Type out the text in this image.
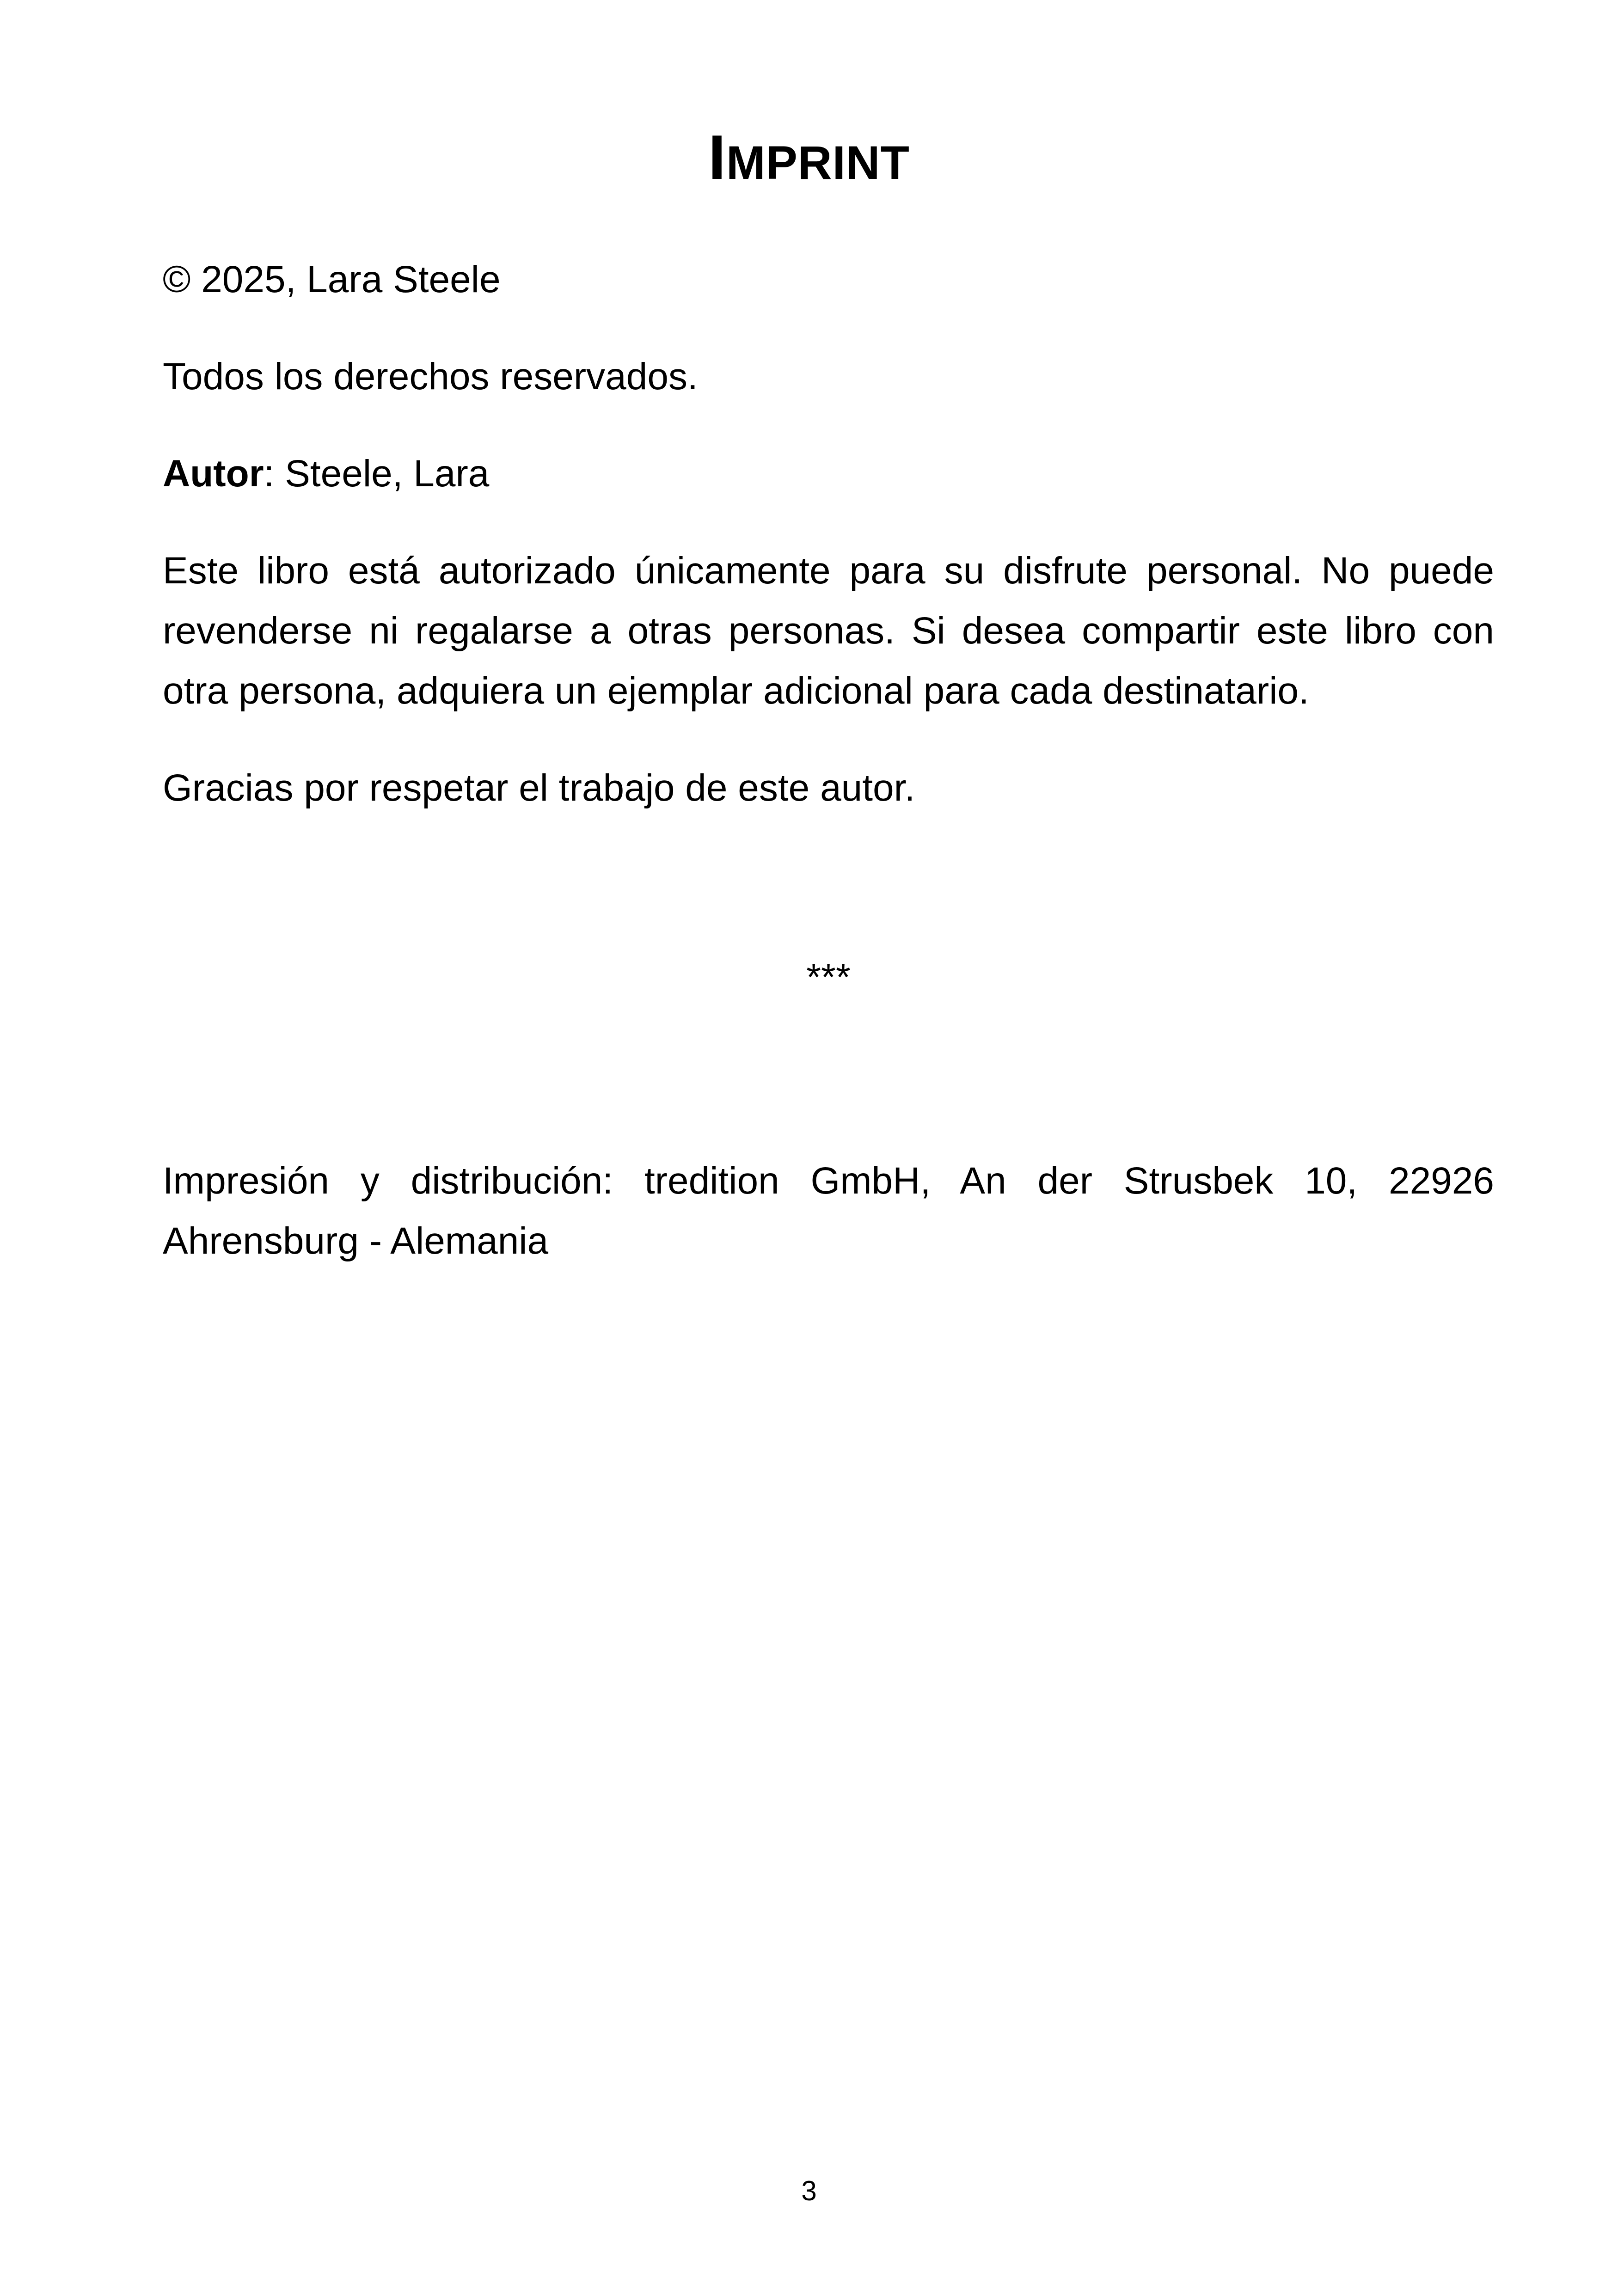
IMPRINT

© 2025, Lara Steele

Todos los derechos reservados.

Autor: Steele, Lara

Este libro está autorizado únicamente para su disfrute personal. No puede revenderse ni regalarse a otras personas. Si desea compartir este libro con otra persona, adquiera un ejemplar adicional para cada destinatario.

Gracias por respetar el trabajo de este autor.

***

Impresión y distribución: tredition GmbH, An der Strusbek 10, 22926

Ahrensburg - Alemania

3
